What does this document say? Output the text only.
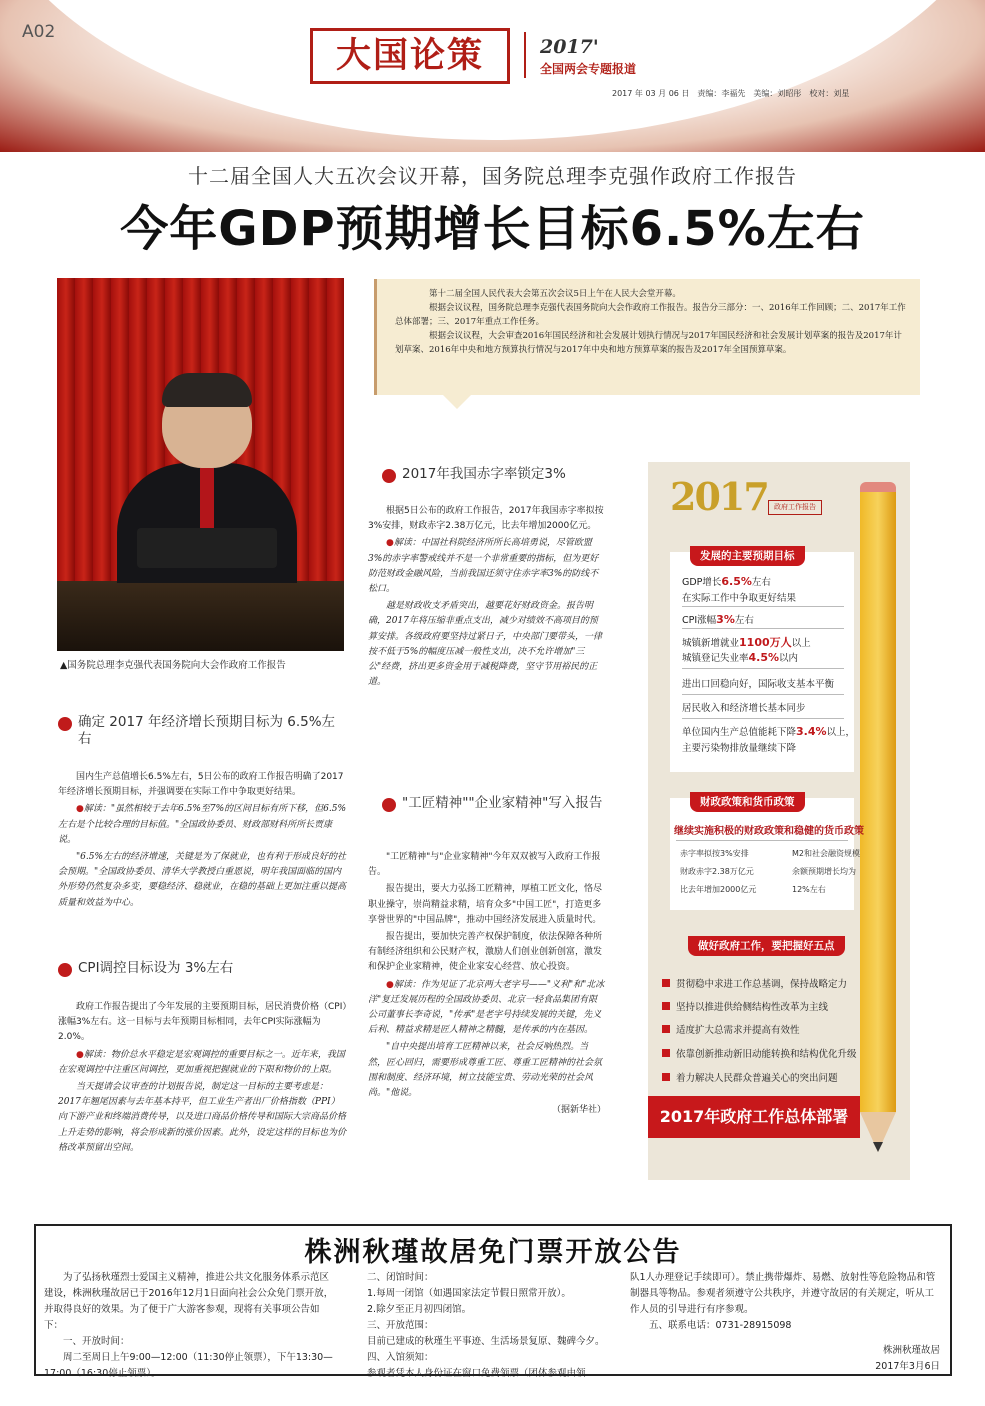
A02
大国论策	2017'
全国两会专题报道
2017 年 03 月 06 日　责编：李福先　美编：刘昭彤　校对：刘星
十二届全国人大五次会议开幕，国务院总理李克强作政府工作报告
今年GDP预期增长目标6.5%左右
▲国务院总理李克强代表国务院向大会作政府工作报告

第十二届全国人民代表大会第五次会议5日上午在人民大会堂开幕。

根据会议议程，国务院总理李克强代表国务院向大会作政府工作报告。报告分三部分：一、2016年工作回顾；二、2017年工作总体部署；三、2017年重点工作任务。

根据会议议程，大会审查2016年国民经济和社会发展计划执行情况与2017年国民经济和社会发展计划草案的报告及2017年计划草案、2016年中央和地方预算执行情况与2017年中央和地方预算草案的报告及2017年全国预算草案。

确定 2017 年经济增长预期目标为 6.5%左右

国内生产总值增长6.5%左右，5日公布的政府工作报告明确了2017年经济增长预期目标，并强调要在实际工作中争取更好结果。

●解读："虽然相较于去年6.5%至7%的区间目标有所下移，但6.5%左右是个比较合理的目标值。"全国政协委员、财政部财科所所长贾康说。

"6.5%左右的经济增速，关键是为了保就业，也有利于形成良好的社会预期。"全国政协委员、清华大学教授白重恩说，明年我国面临的国内外形势仍然复杂多变，要稳经济、稳就业，在稳的基础上更加注重以提高质量和效益为中心。

CPI调控目标设为 3%左右

政府工作报告提出了今年发展的主要预期目标，居民消费价格（CPI）涨幅3%左右。这一目标与去年预期目标相同，去年CPI实际涨幅为2.0%。

●解读：物价总水平稳定是宏观调控的重要目标之一。近年来，我国在宏观调控中注重区间调控，更加重视把握就业的下限和物价的上限。

当天提请会议审查的计划报告说，制定这一目标的主要考虑是：2017年翘尾因素与去年基本持平，但工业生产者出厂价格指数（PPI）向下游产业和终端消费传导，以及进口商品价格传导和国际大宗商品价格上升走势的影响，将会形成新的涨价因素。此外，设定这样的目标也为价格改革预留出空间。

2017年我国赤字率锁定3%

根据5日公布的政府工作报告，2017年我国赤字率拟按3%安排，财政赤字2.38万亿元，比去年增加2000亿元。

●解读：中国社科院经济所所长高培勇说，尽管欧盟3%的赤字率警戒线并不是一个非常重要的指标，但为更好防范财政金融风险，当前我国还须守住赤字率3%的防线不松口。

越是财政收支矛盾突出，越要花好财政资金。报告明确，2017年将压缩非重点支出，减少对绩效不高项目的预算安排。各级政府要坚持过紧日子，中央部门要带头，一律按不低于5%的幅度压减一般性支出，决不允许增加"三公"经费，挤出更多资金用于减税降费，坚守节用裕民的正道。

"工匠精神""企业家精神"写入报告

"工匠精神"与"企业家精神"今年双双被写入政府工作报告。

报告提出，要大力弘扬工匠精神，厚植工匠文化，恪尽职业操守，崇尚精益求精，培育众多"中国工匠"，打造更多享誉世界的"中国品牌"，推动中国经济发展进入质量时代。

报告提出，要加快完善产权保护制度，依法保障各种所有制经济组织和公民财产权，激励人们创业创新创富，激发和保护企业家精神，使企业家安心经营、放心投资。

●解读：作为见证了北京两大老字号——"义利"和"北冰洋"复迁发展历程的全国政协委员、北京一轻食品集团有限公司董事长李奇说，"传承"是老字号持续发展的关键，先义后利、精益求精是匠人精神之精髓，是传承的内在基因。

"自中央提出培育工匠精神以来，社会反响热烈。当然，匠心回归，需要形成尊重工匠、尊重工匠精神的社会氛围和制度、经济环境，树立技能宝贵、劳动光荣的社会风尚。"他说。

（据新华社）

2017 政府工作报告
发展的主要预期目标
GDP增长6.5%左右
在实际工作中争取更好结果
CPI涨幅3%左右
城镇新增就业1100万人以上
城镇登记失业率4.5%以内
进出口回稳向好，国际收支基本平衡
居民收入和经济增长基本同步
单位国内生产总值能耗下降3.4%以上，
主要污染物排放量继续下降
财政政策和货币政策
继续实施积极的财政政策和稳健的货币政策
赤字率拟按3%安排
财政赤字2.38万亿元
比去年增加2000亿元
M2和社会融资规模
余额预期增长均为
12%左右
做好政府工作，要把握好五点
贯彻稳中求进工作总基调，保持战略定力
坚持以推进供给侧结构性改革为主线
适度扩大总需求并提高有效性
依靠创新推动新旧动能转换和结构优化升级
着力解决人民群众普遍关心的突出问题
2017年政府工作总体部署
株洲秋瑾故居免门票开放公告

　　为了弘扬秋瑾烈士爱国主义精神，推进公共文化服务体系示范区建设，株洲秋瑾故居已于2016年12月1日面向社会公众免门票开放，并取得良好的效果。为了便于广大游客参观，现将有关事项公告如下：

　　一、开放时间：

　　周二至周日上午9:00—12:00（11:30停止领票），下午13:30—17:00（16:30停止领票）。

　　二、闭馆时间：

　　1.每周一闭馆（如遇国家法定节假日照常开放）。

　　2.除夕至正月初四闭馆。

　　三、开放范围：

　　目前已建成的秋瑾生平事迹、生活场景复原、魏碑今夕。

　　四、入馆须知：

　　参观者凭本人身份证在窗口免费领票（团体参观由领

队1人办理登记手续即可）。禁止携带爆炸、易燃、放射性等危险物品和管制器具等物品。参观者须遵守公共秩序，并遵守故居的有关规定，听从工作人员的引导进行有序参观。

　　五、联系电话：0731-28915098

株洲秋瑾故居
2017年3月6日
